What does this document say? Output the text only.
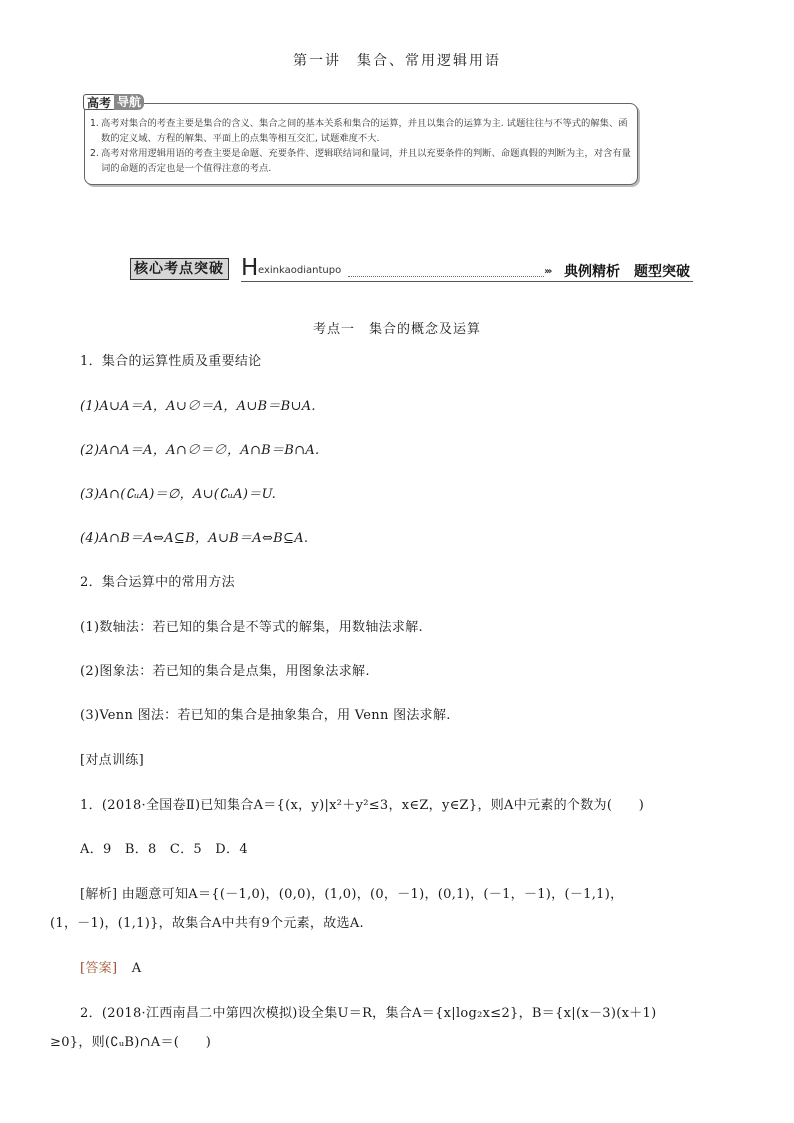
第一讲　集合、常用逻辑用语
高考 导航
1. 高考对集合的考查主要是集合的含义、集合之间的基本关系和集合的运算，并且以集合的运算为主. 试题往往与不等式的解集、函数的定义域、方程的解集、平面上的点集等相互交汇, 试题难度不大.
2. 高考对常用逻辑用语的考查主要是命题、充要条件、逻辑联结词和量词，并且以充要条件的判断、命题真假的判断为主，对含有量词的命题的否定也是一个值得注意的考点.
核心考点突破 H exinkaodiantupo	››› 典例精析　题型突破
考点一　集合的概念及运算
1．集合的运算性质及重要结论
(1)A∪A＝A，A∪∅＝A，A∪B＝B∪A.
(2)A∩A＝A，A∩∅＝∅，A∩B＝B∩A.
(3)A∩(∁ᵤA)＝∅，A∪(∁ᵤA)＝U.
(4)A∩B＝A⇔A⊆B，A∪B＝A⇔B⊆A.
2．集合运算中的常用方法
(1)数轴法：若已知的集合是不等式的解集，用数轴法求解.
(2)图象法：若已知的集合是点集，用图象法求解.
(3)Venn 图法：若已知的集合是抽象集合，用 Venn 图法求解.
[对点训练]
1．(2018·全国卷Ⅱ)已知集合A＝{(x，y)|x²＋y²≤3，x∈Z，y∈Z}，则A中元素的个数为(　　)
A．9　B．8　C．5　D．4
[解析] 由题意可知A＝{(－1,0)，(0,0)，(1,0)，(0，－1)，(0,1)，(－1，－1)，(－1,1)，
(1，－1)，(1,1)}，故集合A中共有9个元素，故选A.
[答案] A
2．(2018·江西南昌二中第四次模拟)设全集U＝R，集合A＝{x|log₂x≤2}，B＝{x|(x－3)(x＋1)
≥0}，则(∁ᵤB)∩A＝(　　)
